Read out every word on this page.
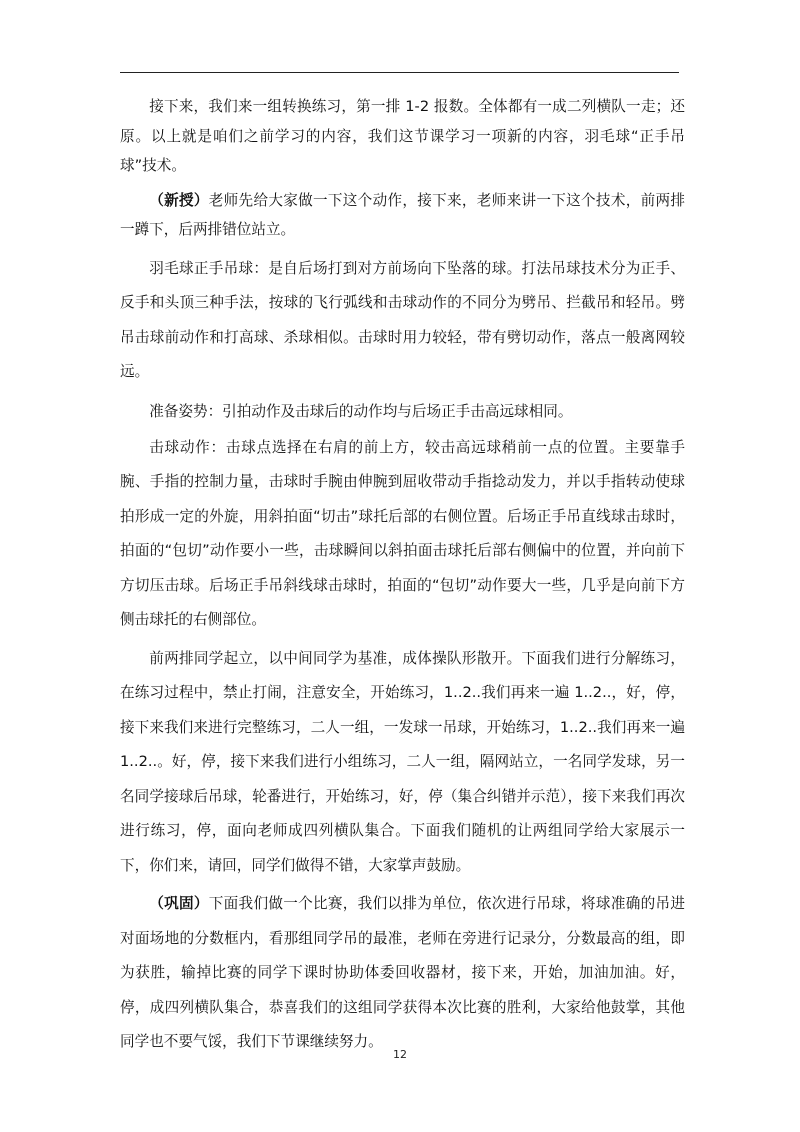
接下来，我们来一组转换练习，第一排 1-2 报数。全体都有一成二列横队一走；还原。以上就是咱们之前学习的内容，我们这节课学习一项新的内容，羽毛球“正手吊球”技术。

（新授）老师先给大家做一下这个动作，接下来，老师来讲一下这个技术，前两排一蹲下，后两排错位站立。

羽毛球正手吊球：是自后场打到对方前场向下坠落的球。打法吊球技术分为正手、反手和头顶三种手法，按球的飞行弧线和击球动作的不同分为劈吊、拦截吊和轻吊。劈吊击球前动作和打高球、杀球相似。击球时用力较轻，带有劈切动作，落点一般离网较远。

准备姿势：引拍动作及击球后的动作均与后场正手击高远球相同。

击球动作：击球点选择在右肩的前上方，较击高远球稍前一点的位置。主要靠手腕、手指的控制力量，击球时手腕由伸腕到屈收带动手指捻动发力，并以手指转动使球拍形成一定的外旋，用斜拍面“切击”球托后部的右侧位置。后场正手吊直线球击球时，拍面的“包切”动作要小一些，击球瞬间以斜拍面击球托后部右侧偏中的位置，并向前下方切压击球。后场正手吊斜线球击球时，拍面的“包切”动作要大一些，几乎是向前下方侧击球托的右侧部位。

前两排同学起立，以中间同学为基准，成体操队形散开。下面我们进行分解练习，在练习过程中，禁止打闹，注意安全，开始练习，1..2..我们再来一遍 1..2..，好，停，接下来我们来进行完整练习，二人一组，一发球一吊球，开始练习，1..2..我们再来一遍 1..2..。好，停，接下来我们进行小组练习，二人一组，隔网站立，一名同学发球，另一名同学接球后吊球，轮番进行，开始练习，好，停（集合纠错并示范），接下来我们再次进行练习，停，面向老师成四列横队集合。下面我们随机的让两组同学给大家展示一下，你们来，请回，同学们做得不错，大家掌声鼓励。

（巩固）下面我们做一个比赛，我们以排为单位，依次进行吊球，将球准确的吊进对面场地的分数框内，看那组同学吊的最准，老师在旁进行记录分，分数最高的组，即为获胜，输掉比赛的同学下课时协助体委回收器材，接下来，开始，加油加油。好，停，成四列横队集合，恭喜我们的这组同学获得本次比赛的胜利，大家给他鼓掌，其他同学也不要气馁，我们下节课继续努力。

12
